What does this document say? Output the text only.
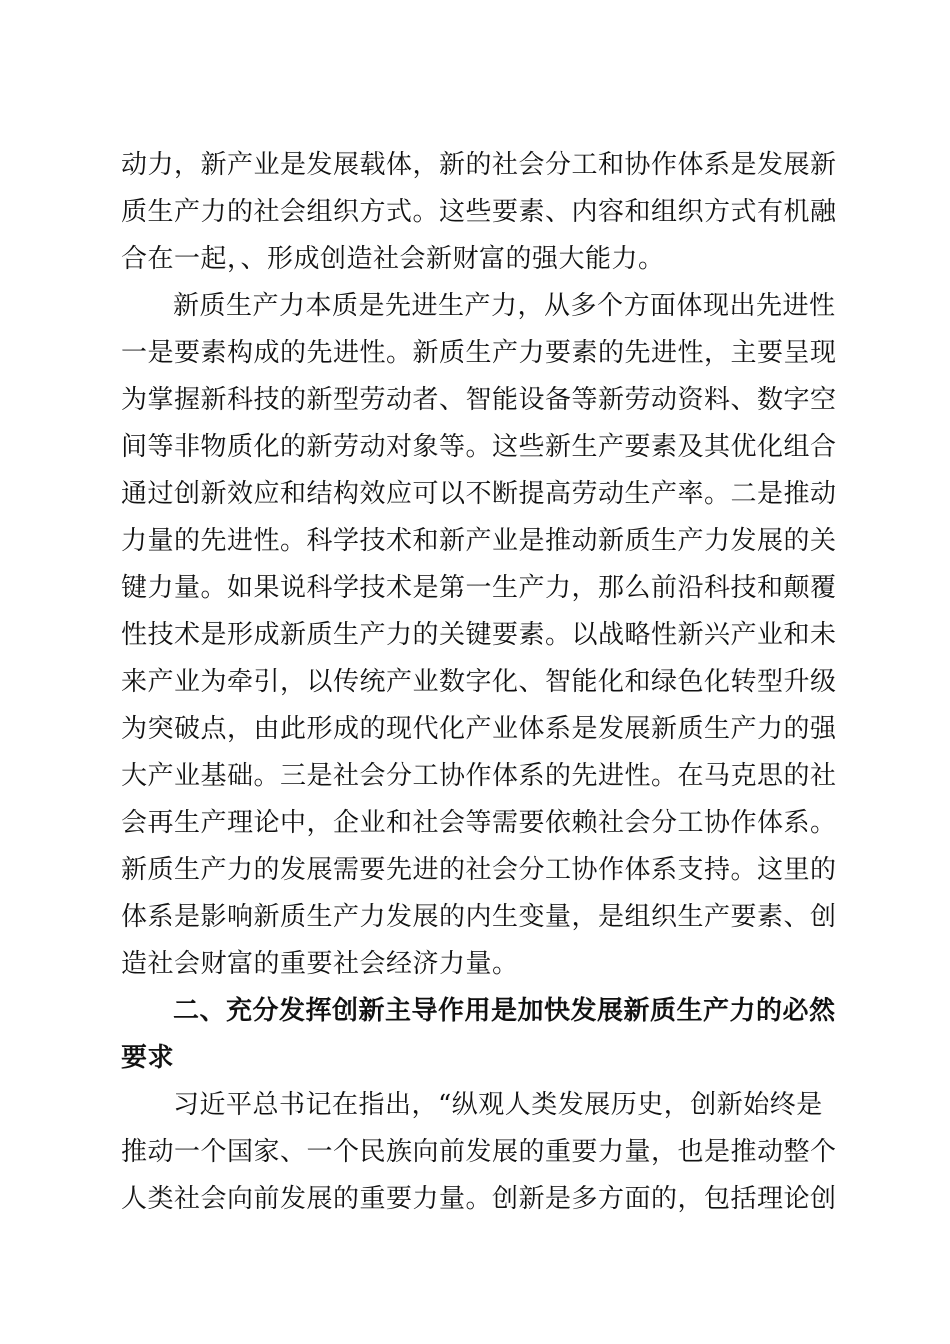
动力，新产业是发展载体，新的社会分工和协作体系是发展新
质生产力的社会组织方式。这些要素、内容和组织方式有机融
合在一起，、形成创造社会新财富的强大能力。
新质生产力本质是先进生产力，从多个方面体现出先进性
一是要素构成的先进性。新质生产力要素的先进性，主要呈现
为掌握新科技的新型劳动者、智能设备等新劳动资料、数字空
间等非物质化的新劳动对象等。这些新生产要素及其优化组合
通过创新效应和结构效应可以不断提高劳动生产率。二是推动
力量的先进性。科学技术和新产业是推动新质生产力发展的关
键力量。如果说科学技术是第一生产力，那么前沿科技和颠覆
性技术是形成新质生产力的关键要素。以战略性新兴产业和未
来产业为牵引，以传统产业数字化、智能化和绿色化转型升级
为突破点，由此形成的现代化产业体系是发展新质生产力的强
大产业基础。三是社会分工协作体系的先进性。在马克思的社
会再生产理论中，企业和社会等需要依赖社会分工协作体系。
新质生产力的发展需要先进的社会分工协作体系支持。这里的
体系是影响新质生产力发展的内生变量，是组织生产要素、创
造社会财富的重要社会经济力量。
二、充分发挥创新主导作用是加快发展新质生产力的必然
要求
习近平总书记在指出，“纵观人类发展历史，创新始终是
推动一个国家、一个民族向前发展的重要力量，也是推动整个
人类社会向前发展的重要力量。创新是多方面的，包括理论创
